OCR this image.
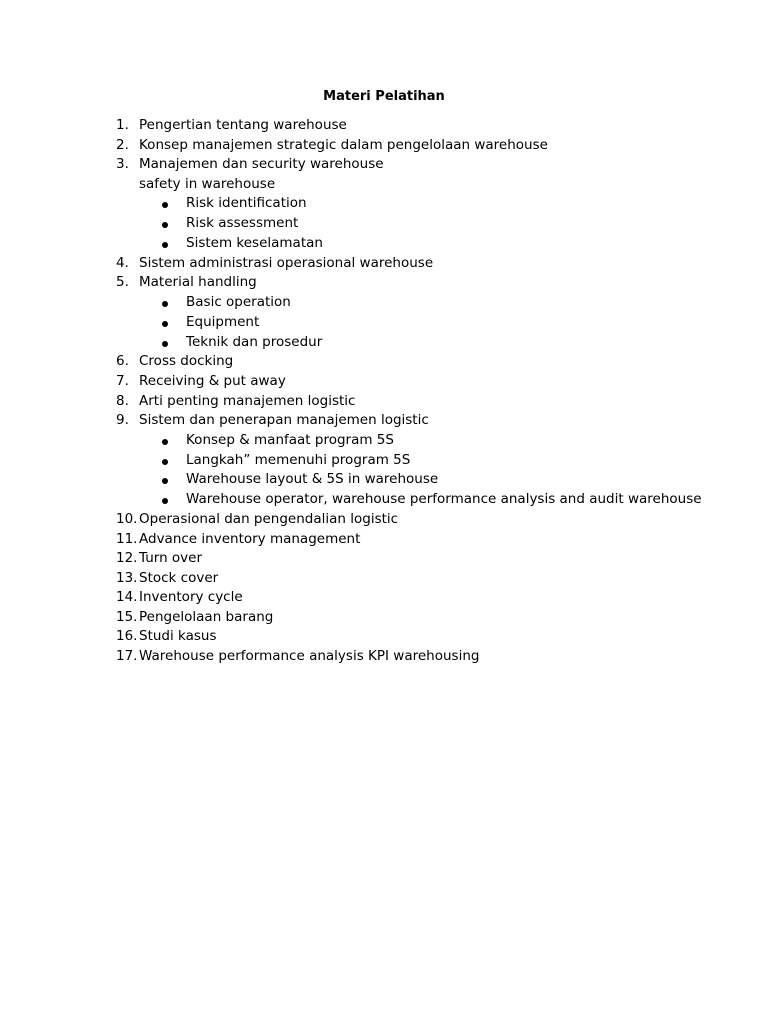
Materi Pelatihan
1. Pengertian tentang warehouse
2. Konsep manajemen strategic dalam pengelolaan warehouse
3. Manajemen dan security warehouse
safety in warehouse
Risk identification
Risk assessment
Sistem keselamatan
4. Sistem administrasi operasional warehouse
5. Material handling
Basic operation
Equipment
Teknik dan prosedur
6. Cross docking
7. Receiving & put away
8. Arti penting manajemen logistic
9. Sistem dan penerapan manajemen logistic
Konsep & manfaat program 5S
Langkah” memenuhi program 5S
Warehouse layout & 5S in warehouse
Warehouse operator, warehouse performance analysis and audit warehouse
10. Operasional dan pengendalian logistic
11. Advance inventory management
12. Turn over
13. Stock cover
14. Inventory cycle
15. Pengelolaan barang
16. Studi kasus
17. Warehouse performance analysis KPI warehousing
